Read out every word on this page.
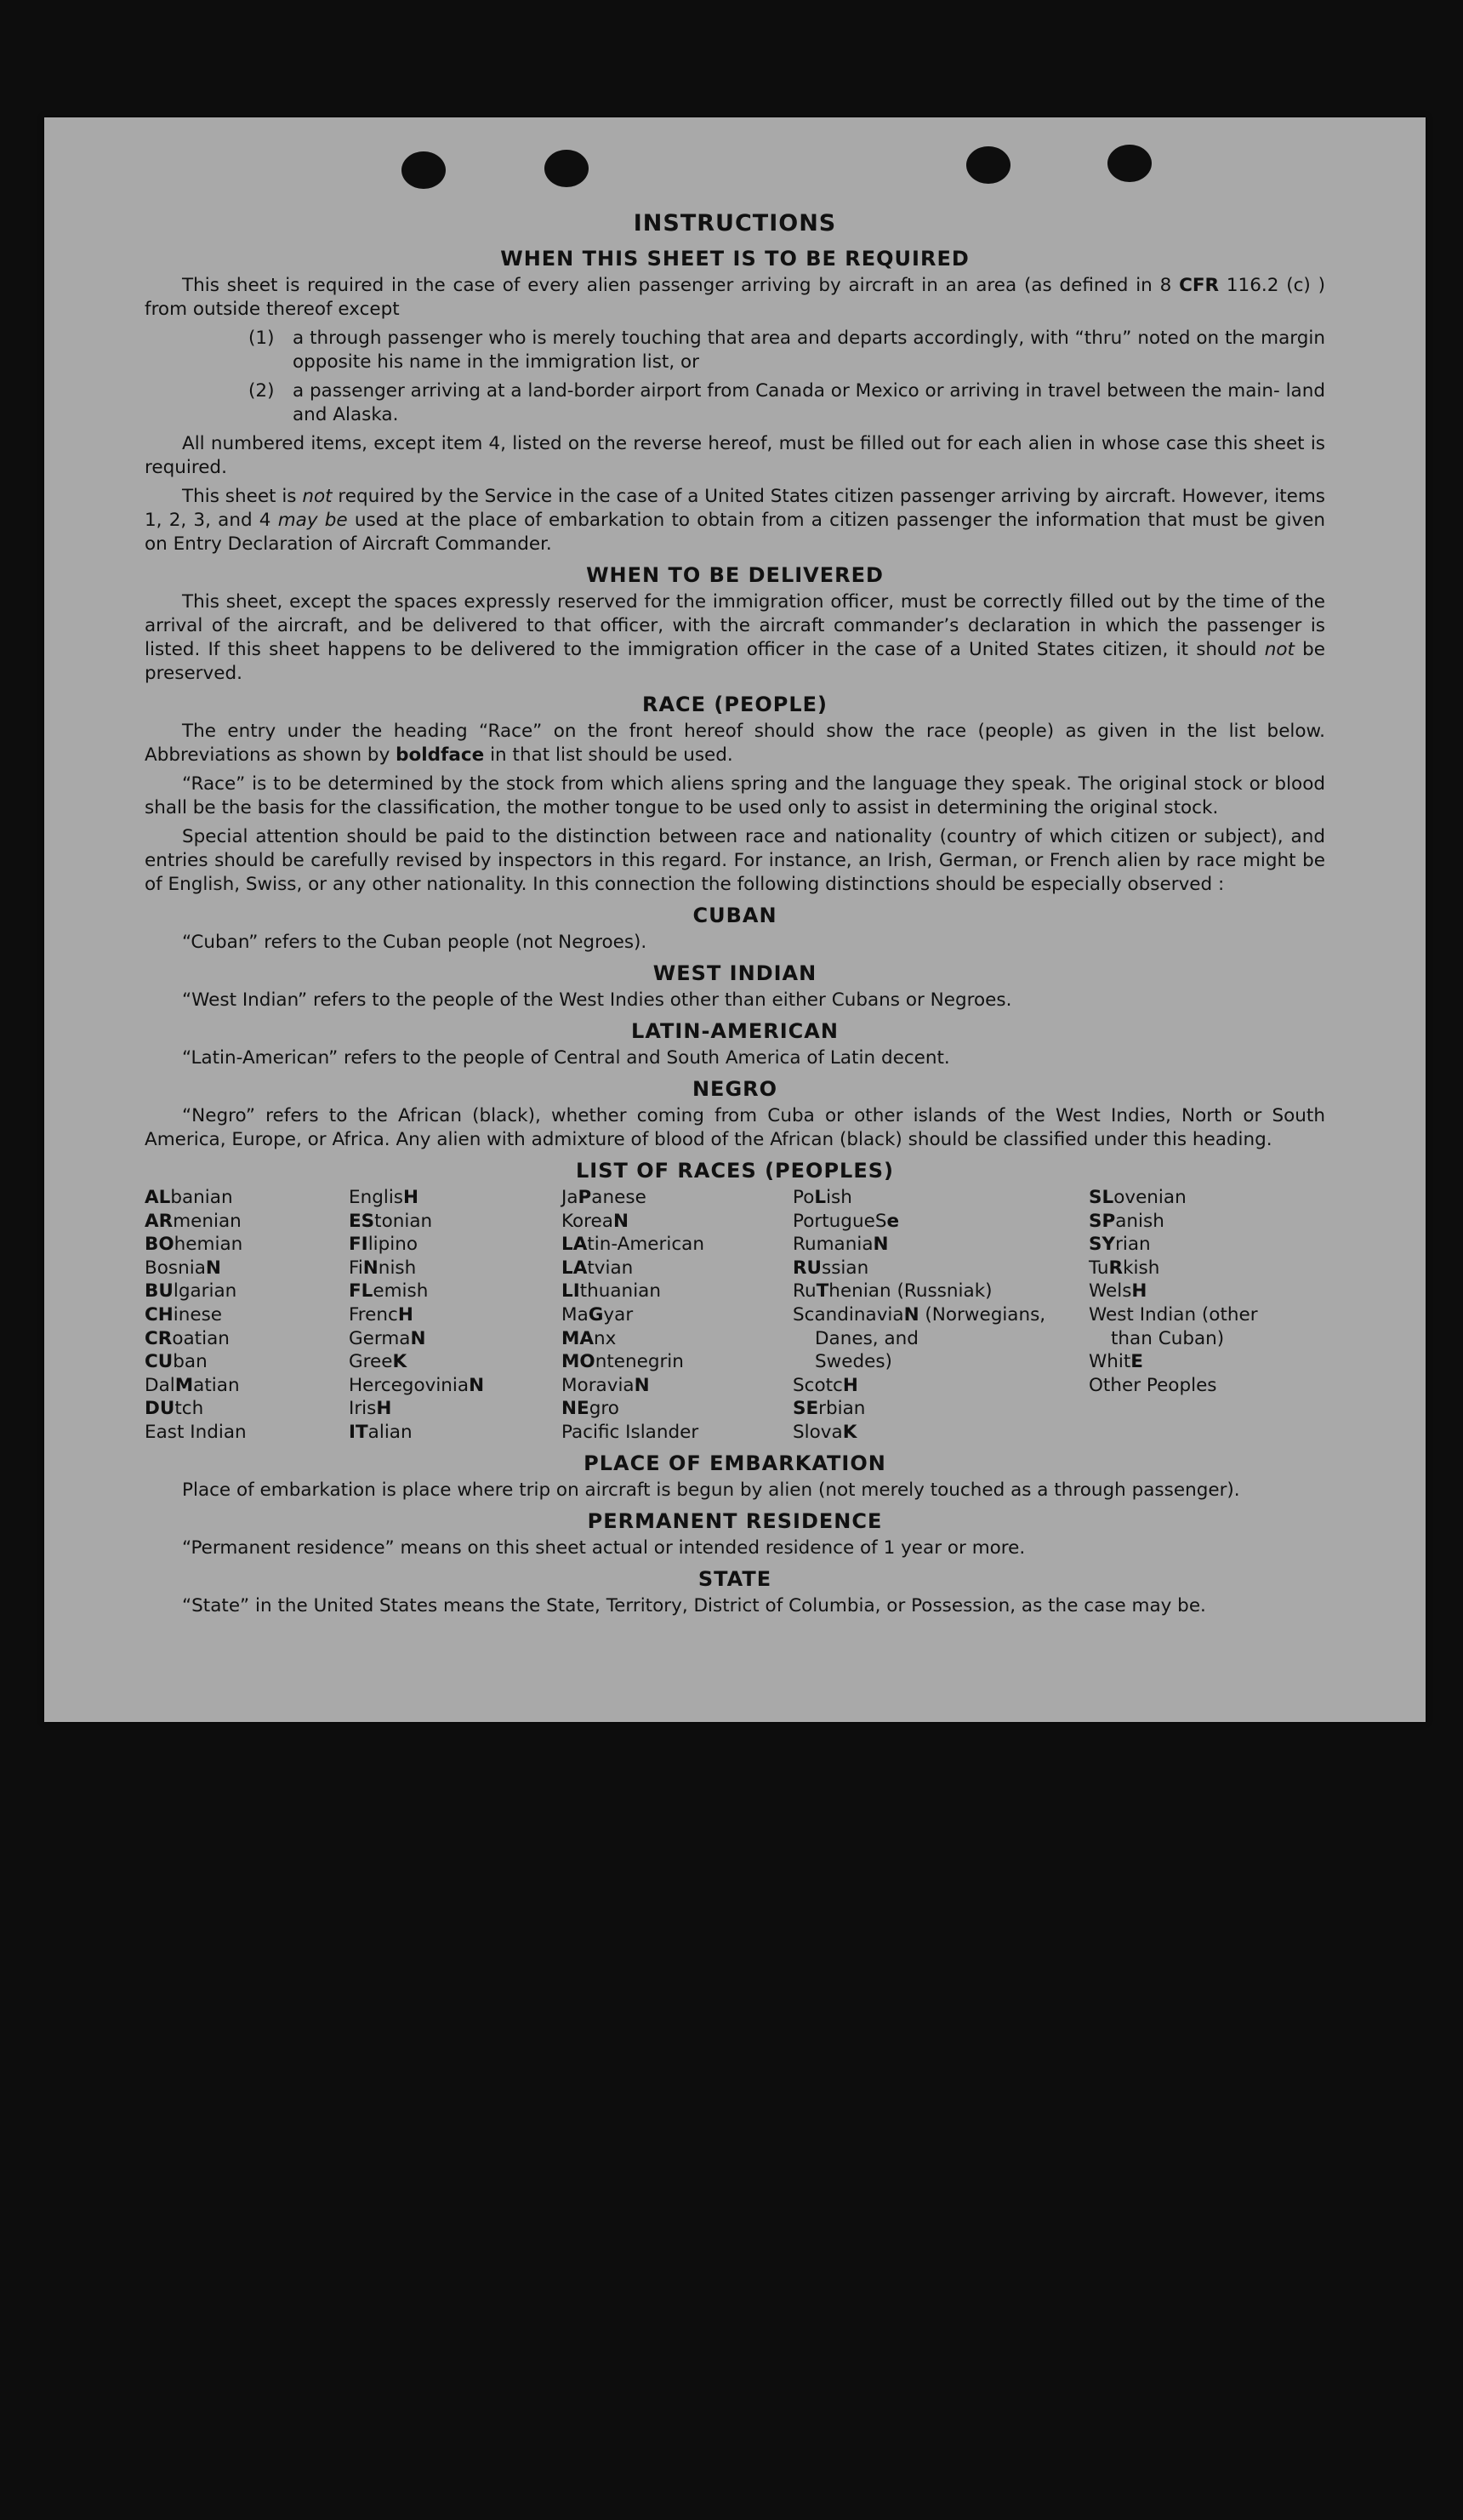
INSTRUCTIONS
WHEN THIS SHEET IS TO BE REQUIRED

This sheet is required in the case of every alien passenger arriving by aircraft in an area (as defined in 8 CFR 116.2 (c) ) from outside thereof except

(1)	a through passenger who is merely touching that area and departs accordingly, with “thru” noted on the margin opposite his name in the immigration list, or
(2)	a passenger arriving at a land-border airport from Canada or Mexico or arriving in travel between the main- land and Alaska.

All numbered items, except item 4, listed on the reverse hereof, must be filled out for each alien in whose case this sheet is required.

This sheet is not required by the Service in the case of a United States citizen passenger arriving by aircraft. However, items 1, 2, 3, and 4 may be used at the place of embarkation to obtain from a citizen passenger the information that must be given on Entry Declaration of Aircraft Commander.

WHEN TO BE DELIVERED

This sheet, except the spaces expressly reserved for the immigration officer, must be correctly filled out by the time of the arrival of the aircraft, and be delivered to that officer, with the aircraft commander’s declaration in which the passenger is listed. If this sheet happens to be delivered to the immigration officer in the case of a United States citizen, it should not be preserved.

RACE (PEOPLE)

The entry under the heading “Race” on the front hereof should show the race (people) as given in the list below. Abbreviations as shown by boldface in that list should be used.

“Race” is to be determined by the stock from which aliens spring and the language they speak. The original stock or blood shall be the basis for the classification, the mother tongue to be used only to assist in determining the original stock.

Special attention should be paid to the distinction between race and nationality (country of which citizen or subject), and entries should be carefully revised by inspectors in this regard. For instance, an Irish, German, or French alien by race might be of English, Swiss, or any other nationality. In this connection the following distinctions should be especially observed :

CUBAN

“Cuban” refers to the Cuban people (not Negroes).

WEST INDIAN

“West Indian” refers to the people of the West Indies other than either Cubans or Negroes.

LATIN-AMERICAN

“Latin-American” refers to the people of Central and South America of Latin decent.

NEGRO

“Negro” refers to the African (black), whether coming from Cuba or other islands of the West Indies, North or South America, Europe, or Africa. Any alien with admixture of blood of the African (black) should be classified under this heading.

LIST OF RACES (PEOPLES)
ALbanian
ARmenian
BOhemian
BosniaN
BUlgarian
CHinese
CRoatian
CUban
DalMatian
DUtch
East Indian
EnglisH
EStonian
FIlipino
FiNnish
FLemish
FrencH
GermaN
GreeK
HercegoviniaN
IrisH
ITalian
JaPanese
KoreaN
LAtin-American
LAtvian
LIthuanian
MaGyar
MAnx
MOntenegrin
MoraviaN
NEgro
Pacific Islander
PoLish
PortugueSe
RumaniaN
RUssian
RuThenian (Russniak)
ScandinaviaN (Norwegians,
Danes, and
Swedes)
ScotcH
SErbian
SlovaK
SLovenian
SPanish
SYrian
TuRkish
WelsH
West Indian (other
than Cuban)
WhitE
Other Peoples
PLACE OF EMBARKATION

Place of embarkation is place where trip on aircraft is begun by alien (not merely touched as a through passenger).

PERMANENT RESIDENCE

“Permanent residence” means on this sheet actual or intended residence of 1 year or more.

STATE

“State” in the United States means the State, Territory, District of Columbia, or Possession, as the case may be.
